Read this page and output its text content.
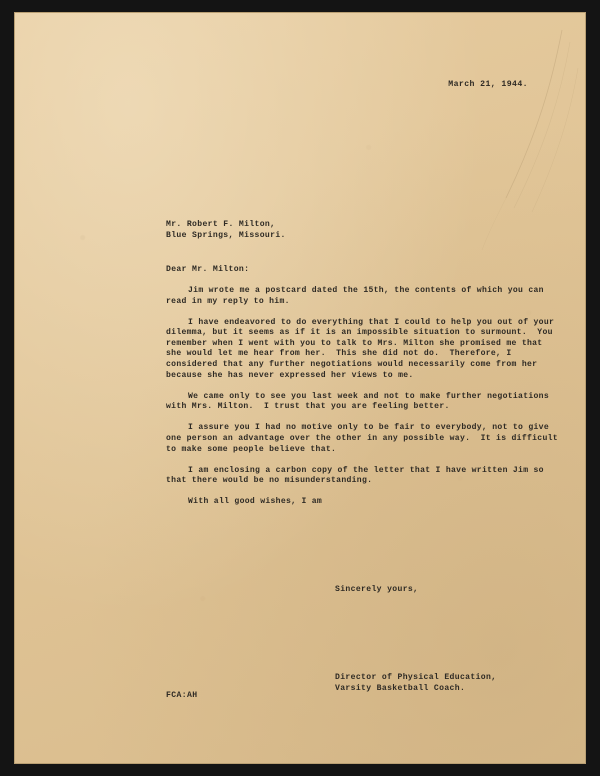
March 21, 1944.
Mr. Robert F. Milton,
Blue Springs, Missouri.
Dear Mr. Milton:

Jim wrote me a postcard dated the 15th, the contents of which you can read in my reply to him.

I have endeavored to do everything that I could to help you out of your dilemma, but it seems as if it is an impossible situation to surmount.  You remember when I went with you to talk to Mrs. Milton she promised me that she would let me hear from her.  This she did not do.  Therefore, I considered that any further negotiations would necessarily come from her because she has never expressed her views to me.

We came only to see you last week and not to make further negotiations with Mrs. Milton.  I trust that you are feeling better.

I assure you I had no motive only to be fair to everybody, not to give one person an advantage over the other in any possible way.  It is difficult to make some people believe that.

I am enclosing a carbon copy of the letter that I have written Jim so that there would be no misunderstanding.

With all good wishes, I am

Sincerely yours,
Director of Physical Education,
Varsity Basketball Coach.
FCA:AH
